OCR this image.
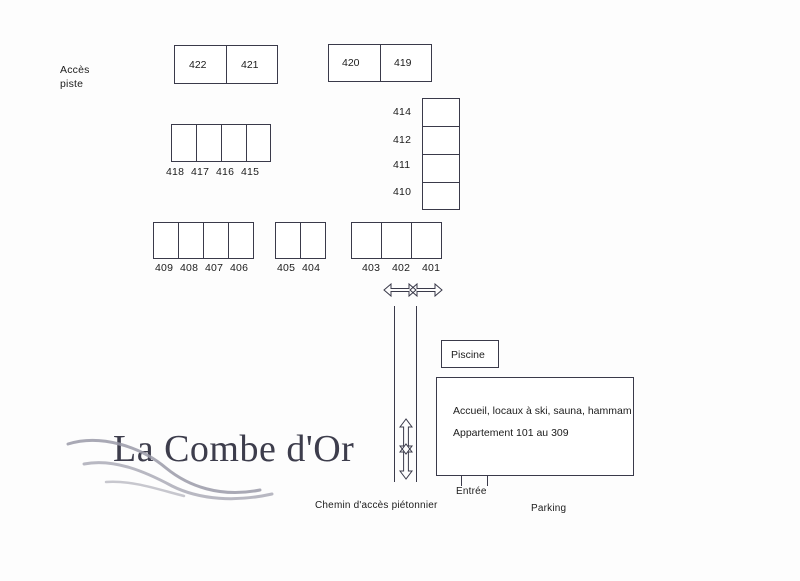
Accès
piste
422	421	420	419
414
412
411
410
418 417 416 415
409 408 407 406	405 404	403 402 401
Piscine
Accueil, locaux à ski, sauna, hammam
Appartement 101 au 309
Entrée
Parking
Chemin d'accès piétonnier
La Combe d'Or
